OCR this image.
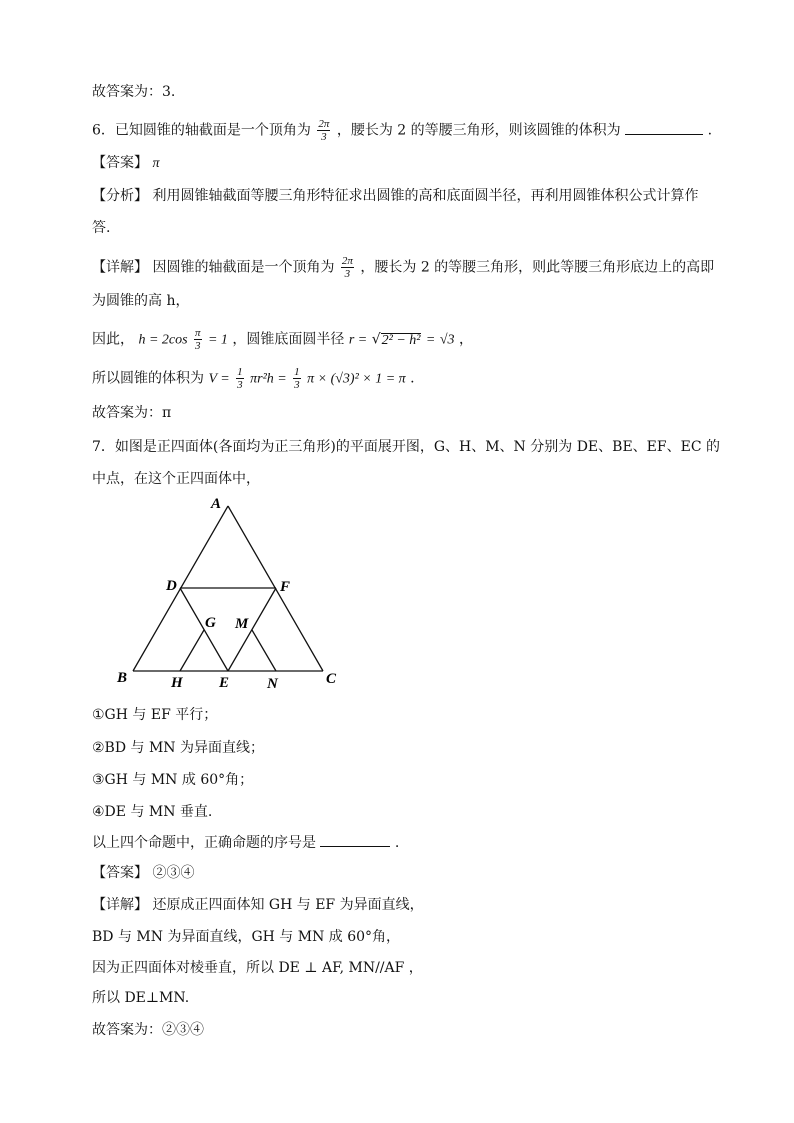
故答案为：3.
6．已知圆锥的轴截面是一个顶角为 $\frac{2\pi}{3}$ ，腰长为 2 的等腰三角形，则该圆锥的体积为	.
【答案】 π
【分析】 利用圆锥轴截面等腰三角形特征求出圆锥的高和底面圆半径，再利用圆锥体积公式计算作
答.
【详解】 因圆锥的轴截面是一个顶角为 $\frac{2\pi}{3}$ ，腰长为 2 的等腰三角形，则此等腰三角形底边上的高即
为圆锥的高 h，
因此， $h = 2\cos \frac{\pi}{3} = 1$ ，圆锥底面圆半径 r = √2² − h² = √3 ，
所以圆锥的体积为 $V = \frac{1}{3} \pi r^2h = \frac{1}{3}$ π × (√3)² × 1 = π .
故答案为：π
7．如图是正四面体(各面均为正三角形)的平面展开图，G、H、M、N 分别为 DE、BE、EF、EC 的
中点，在这个正四面体中，
A
D	F
G M
B	H E	N	C
①GH 与 EF 平行；
②BD 与 MN 为异面直线；
③GH 与 MN 成 60°角；
④DE 与 MN 垂直.
以上四个命题中，正确命题的序号是	.
【答案】 ②③④
【详解】 还原成正四面体知 GH 与 EF 为异面直线，
BD 与 MN 为异面直线，GH 与 MN 成 60°角，
因为正四面体对棱垂直，所以 DE ⊥ AF, MN//AF ，
所以 DE⊥MN.
故答案为：②③④
